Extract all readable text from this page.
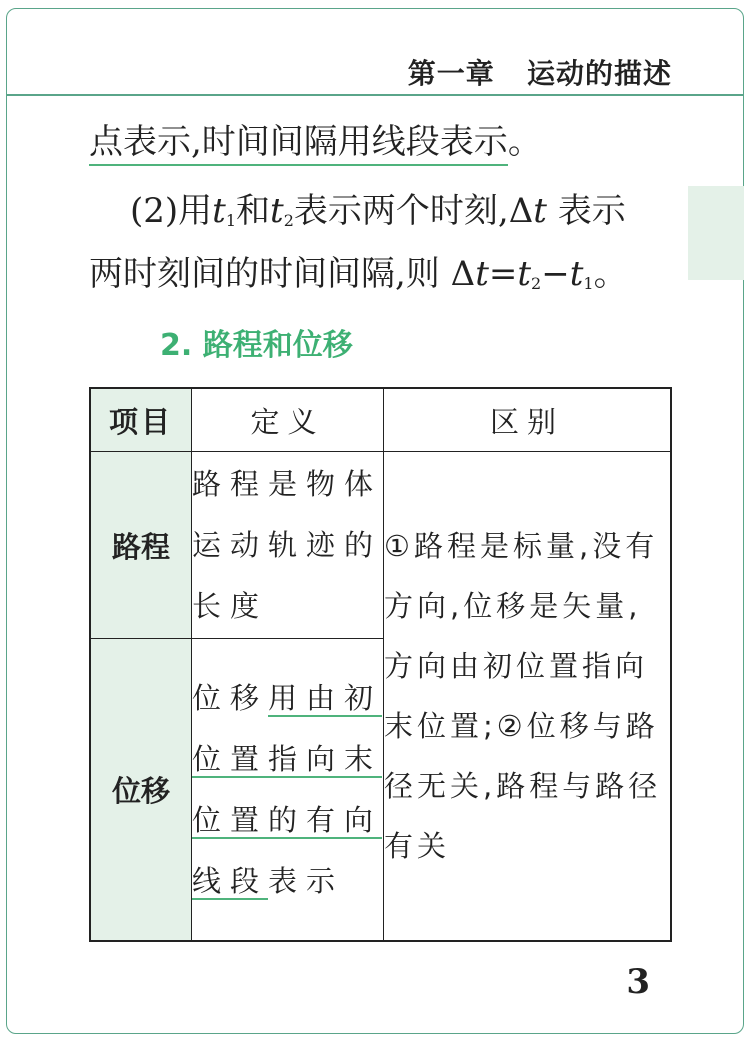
第一章   运动的描述
点表示,时间间隔用线段表示。
(2)用$t_1$和$t_2$表示两个时刻,Δt 表示
两时刻间的时间间隔,则 $\Delta t=t_2-t_1$。
2. 路程和位移
项目	定义	区别
路程	路程是物体运动轨迹的长度	①路程是标量,没有方向,位移是矢量,方向由初位置指向末位置;②位移与路径无关,路程与路径有关
位移	位移用由初位置指向末位置的有向线段表示	
3
